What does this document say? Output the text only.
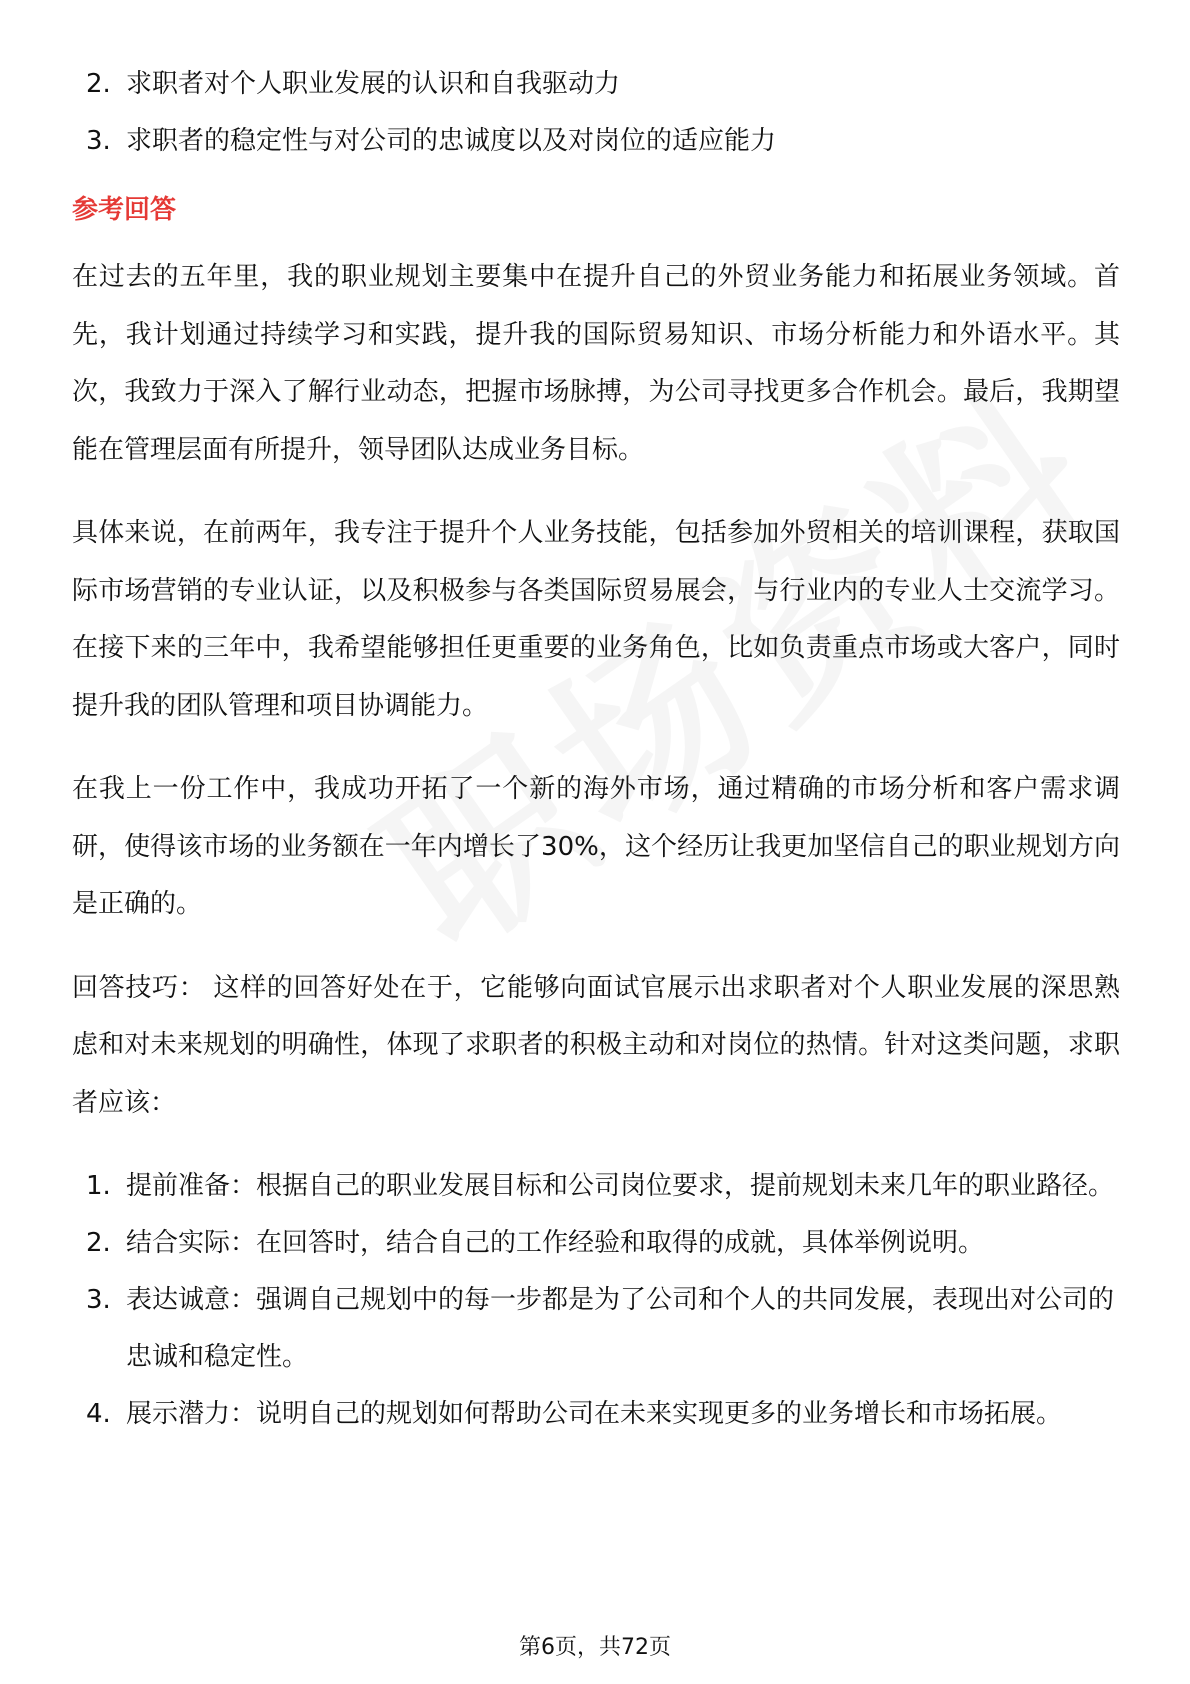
2. 求职者对个人职业发展的认识和自我驱动力
3. 求职者的稳定性与对公司的忠诚度以及对岗位的适应能力
参考回答

在过去的五年里，我的职业规划主要集中在提升自己的外贸业务能力和拓展业务领域。首先，我计划通过持续学习和实践，提升我的国际贸易知识、市场分析能力和外语水平。其次，我致力于深入了解行业动态，把握市场脉搏，为公司寻找更多合作机会。最后，我期望能在管理层面有所提升，领导团队达成业务目标。

具体来说，在前两年，我专注于提升个人业务技能，包括参加外贸相关的培训课程，获取国际市场营销的专业认证，以及积极参与各类国际贸易展会，与行业内的专业人士交流学习。在接下来的三年中，我希望能够担任更重要的业务角色，比如负责重点市场或大客户，同时提升我的团队管理和项目协调能力。

在我上一份工作中，我成功开拓了一个新的海外市场，通过精确的市场分析和客户需求调研，使得该市场的业务额在一年内增长了30%，这个经历让我更加坚信自己的职业规划方向是正确的。

回答技巧： 这样的回答好处在于，它能够向面试官展示出求职者对个人职业发展的深思熟虑和对未来规划的明确性，体现了求职者的积极主动和对岗位的热情。针对这类问题，求职者应该：

1. 提前准备：根据自己的职业发展目标和公司岗位要求，提前规划未来几年的职业路径。
2. 结合实际：在回答时，结合自己的工作经验和取得的成就，具体举例说明。
3. 表达诚意：强调自己规划中的每一步都是为了公司和个人的共同发展，表现出对公司的忠诚和稳定性。
4. 展示潜力：说明自己的规划如何帮助公司在未来实现更多的业务增长和市场拓展。
第6页，共72页
